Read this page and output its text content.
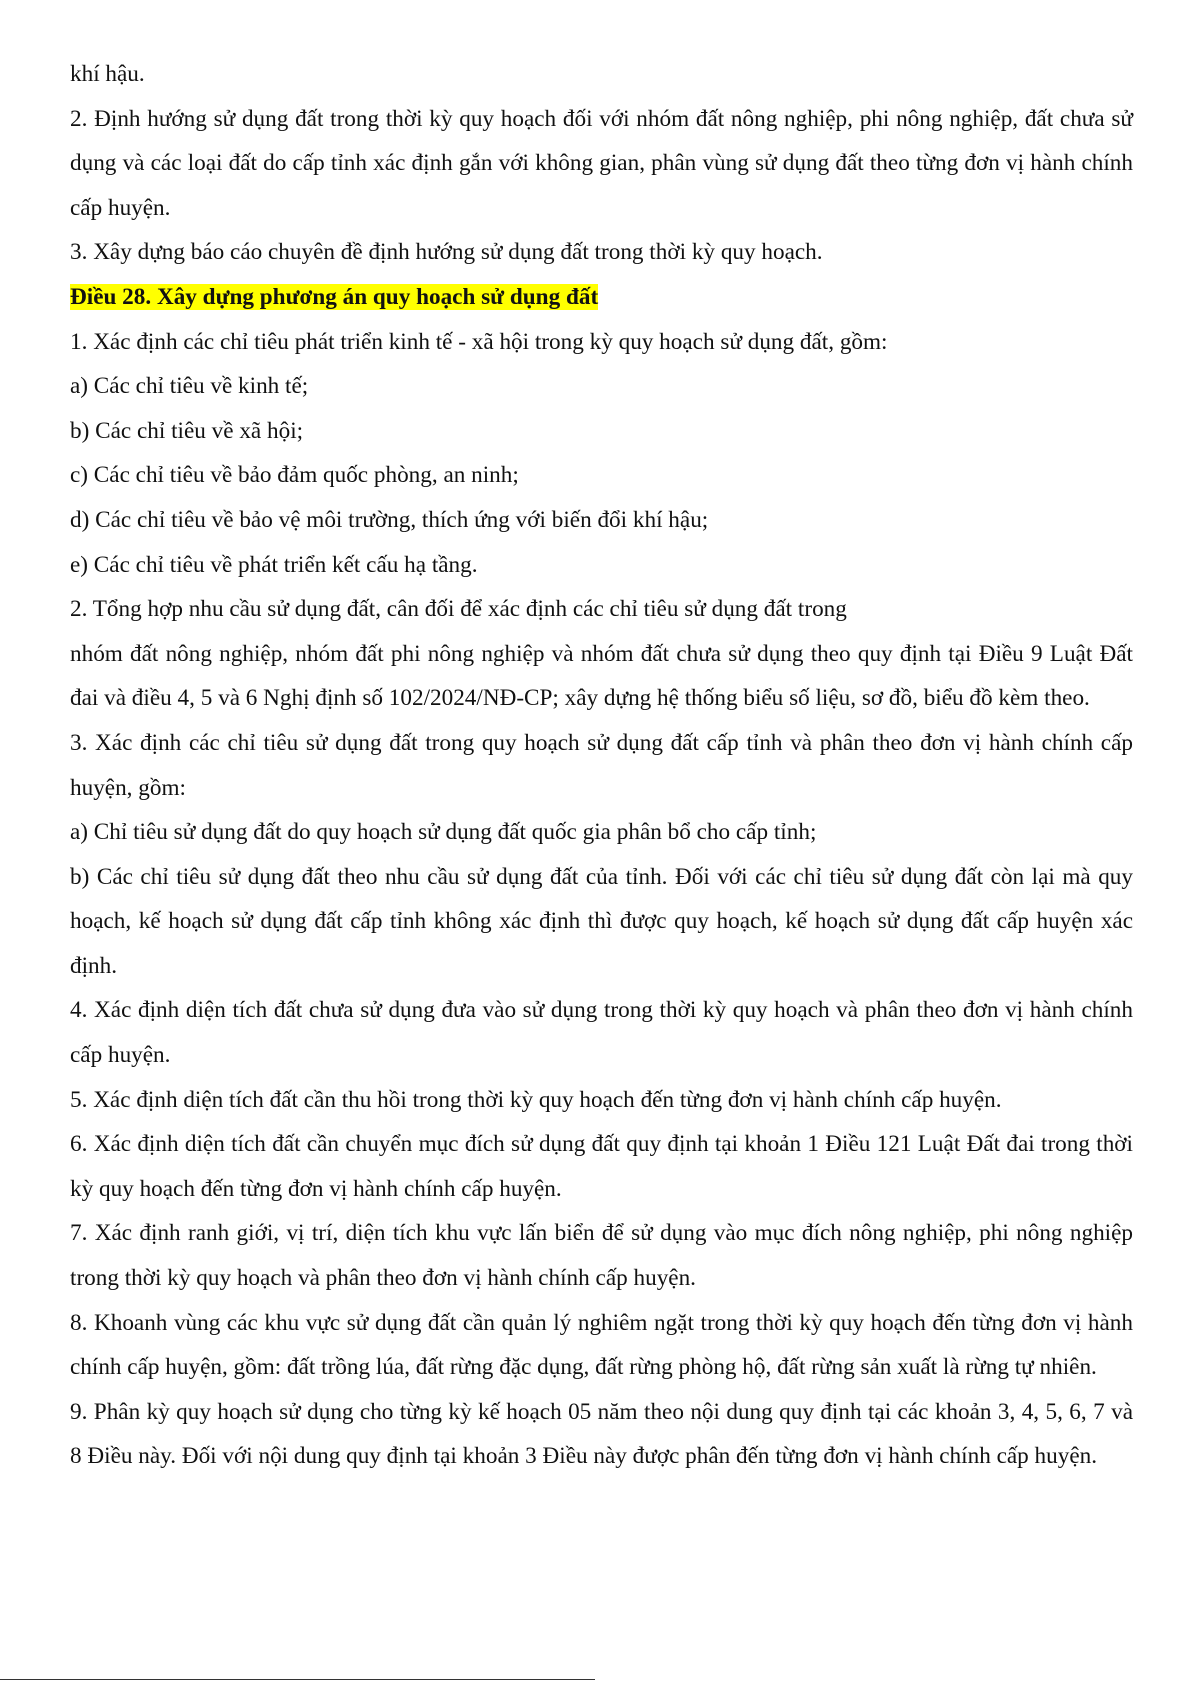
khí hậu.

2. Định hướng sử dụng đất trong thời kỳ quy hoạch đối với nhóm đất nông nghiệp, phi nông nghiệp, đất chưa sử dụng và các loại đất do cấp tỉnh xác định gắn với không gian, phân vùng sử dụng đất theo từng đơn vị hành chính cấp huyện.

3. Xây dựng báo cáo chuyên đề định hướng sử dụng đất trong thời kỳ quy hoạch.

Điều 28. Xây dựng phương án quy hoạch sử dụng đất

1. Xác định các chỉ tiêu phát triển kinh tế - xã hội trong kỳ quy hoạch sử dụng đất, gồm:

a) Các chỉ tiêu về kinh tế;

b) Các chỉ tiêu về xã hội;

c) Các chỉ tiêu về bảo đảm quốc phòng, an ninh;

d) Các chỉ tiêu về bảo vệ môi trường, thích ứng với biến đổi khí hậu;

e) Các chỉ tiêu về phát triển kết cấu hạ tầng.

2. Tổng hợp nhu cầu sử dụng đất, cân đối để xác định các chỉ tiêu sử dụng đất trong

nhóm đất nông nghiệp, nhóm đất phi nông nghiệp và nhóm đất chưa sử dụng theo quy định tại Điều 9 Luật Đất đai và điều 4, 5 và 6 Nghị định số 102/2024/NĐ-CP; xây dựng hệ thống biểu số liệu, sơ đồ, biểu đồ kèm theo.

3. Xác định các chỉ tiêu sử dụng đất trong quy hoạch sử dụng đất cấp tỉnh và phân theo đơn vị hành chính cấp huyện, gồm:

a) Chỉ tiêu sử dụng đất do quy hoạch sử dụng đất quốc gia phân bổ cho cấp tỉnh;

b) Các chỉ tiêu sử dụng đất theo nhu cầu sử dụng đất của tỉnh. Đối với các chỉ tiêu sử dụng đất còn lại mà quy hoạch, kế hoạch sử dụng đất cấp tỉnh không xác định thì được quy hoạch, kế hoạch sử dụng đất cấp huyện xác định.

4. Xác định diện tích đất chưa sử dụng đưa vào sử dụng trong thời kỳ quy hoạch và phân theo đơn vị hành chính cấp huyện.

5. Xác định diện tích đất cần thu hồi trong thời kỳ quy hoạch đến từng đơn vị hành chính cấp huyện.

6. Xác định diện tích đất cần chuyển mục đích sử dụng đất quy định tại khoản 1 Điều 121 Luật Đất đai trong thời kỳ quy hoạch đến từng đơn vị hành chính cấp huyện.

7. Xác định ranh giới, vị trí, diện tích khu vực lấn biển để sử dụng vào mục đích nông nghiệp, phi nông nghiệp trong thời kỳ quy hoạch và phân theo đơn vị hành chính cấp huyện.

8. Khoanh vùng các khu vực sử dụng đất cần quản lý nghiêm ngặt trong thời kỳ quy hoạch đến từng đơn vị hành chính cấp huyện, gồm: đất trồng lúa, đất rừng đặc dụng, đất rừng phòng hộ, đất rừng sản xuất là rừng tự nhiên.

9. Phân kỳ quy hoạch sử dụng cho từng kỳ kế hoạch 05 năm theo nội dung quy định tại các khoản 3, 4, 5, 6, 7 và 8 Điều này. Đối với nội dung quy định tại khoản 3 Điều này được phân đến từng đơn vị hành chính cấp huyện.
